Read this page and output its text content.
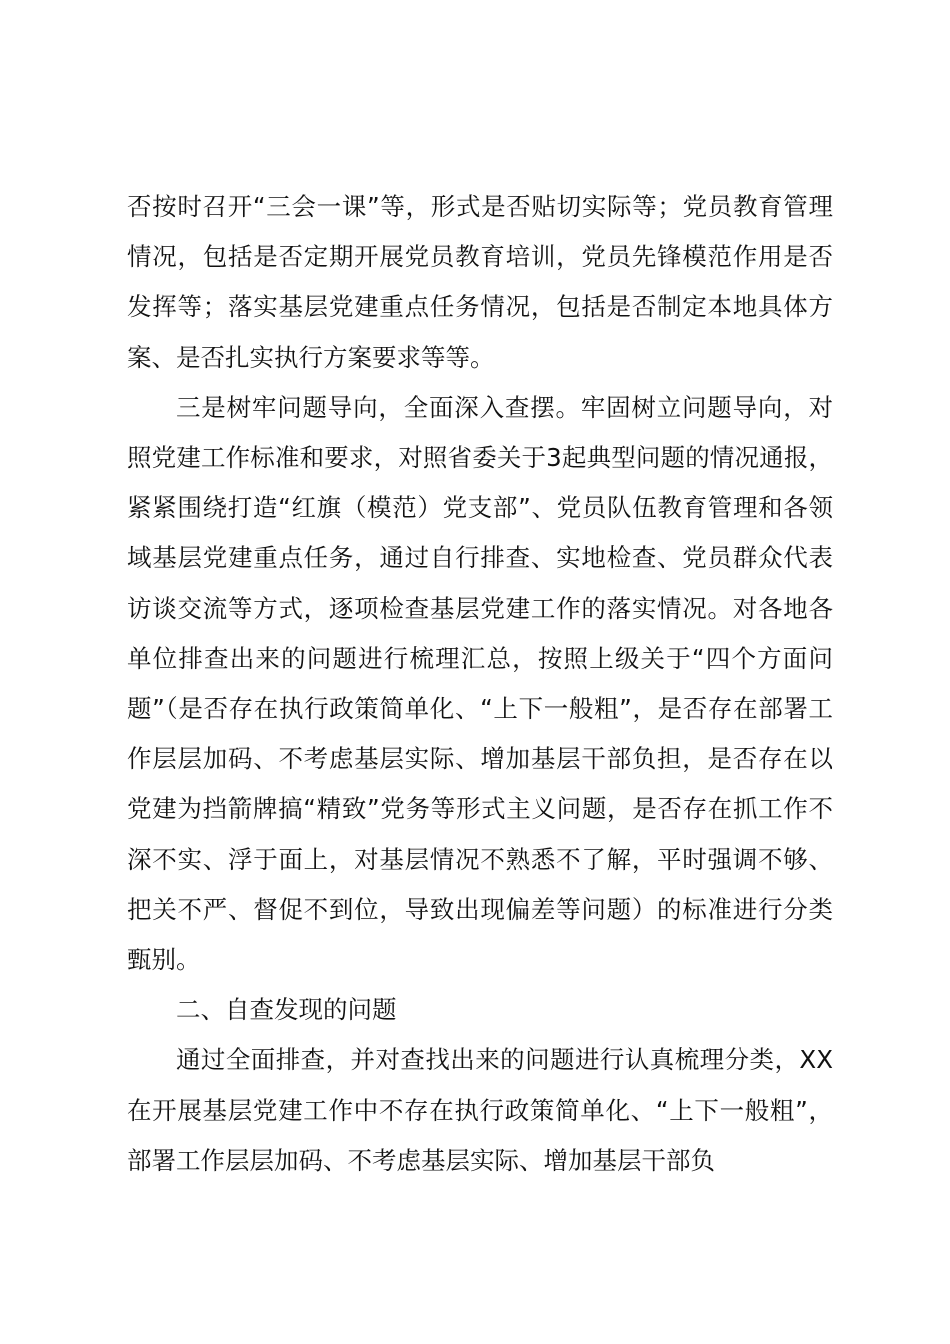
否按时召开“三会一课”等，形式是否贴切实际等；党员教育管理情况，包括是否定期开展党员教育培训，党员先锋模范作用是否发挥等；落实基层党建重点任务情况，包括是否制定本地具体方案、是否扎实执行方案要求等等。

三是树牢问题导向，全面深入查摆。牢固树立问题导向，对照党建工作标准和要求，对照省委关于3起典型问题的情况通报，紧紧围绕打造“红旗（模范）党支部”、党员队伍教育管理和各领域基层党建重点任务，通过自行排查、实地检查、党员群众代表访谈交流等方式，逐项检查基层党建工作的落实情况。对各地各单位排查出来的问题进行梳理汇总，按照上级关于“四个方面问题”（是否存在执行政策简单化、“上下一般粗”，是否存在部署工作层层加码、不考虑基层实际、增加基层干部负担，是否存在以党建为挡箭牌搞“精致”党务等形式主义问题，是否存在抓工作不深不实、浮于面上，对基层情况不熟悉不了解，平时强调不够、把关不严、督促不到位，导致出现偏差等问题）的标准进行分类甄别。

二、自查发现的问题

通过全面排查，并对查找出来的问题进行认真梳理分类，XX在开展基层党建工作中不存在执行政策简单化、“上下一般粗”，部署工作层层加码、不考虑基层实际、增加基层干部负
